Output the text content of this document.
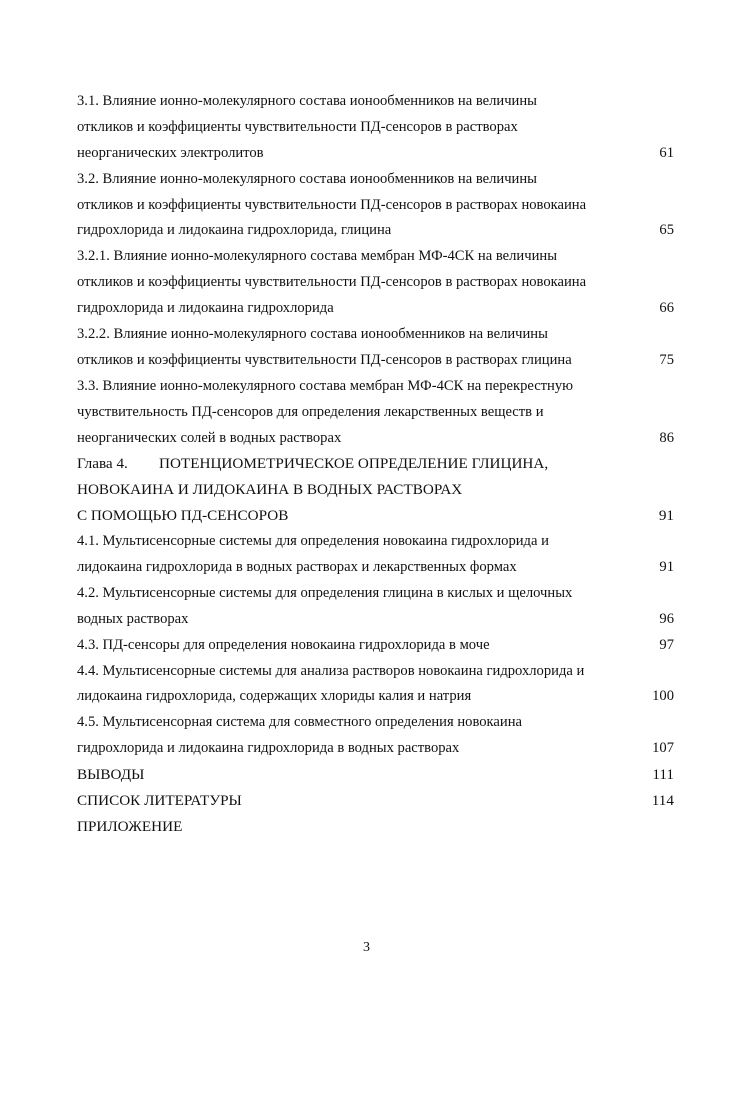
3.1. Влияние ионно-молекулярного состава ионообменников на величины
откликов и коэффициенты чувствительности ПД-сенсоров в растворах
неорганических электролитов	61
3.2. Влияние ионно-молекулярного состава ионообменников на величины
откликов и коэффициенты чувствительности ПД-сенсоров в растворах новокаина
гидрохлорида и лидокаина гидрохлорида, глицина	65
3.2.1. Влияние ионно-молекулярного состава мембран МФ-4СК на величины
откликов и коэффициенты чувствительности ПД-сенсоров в растворах новокаина
гидрохлорида и лидокаина гидрохлорида	66
3.2.2. Влияние ионно-молекулярного состава ионообменников на величины
откликов и коэффициенты чувствительности ПД-сенсоров в растворах глицина	75
3.3. Влияние ионно-молекулярного состава мембран МФ-4СК на перекрестную
чувствительность ПД-сенсоров для определения лекарственных веществ и
неорганических солей в водных растворах	86
Глава 4. ПОТЕНЦИОМЕТРИЧЕСКОЕ ОПРЕДЕЛЕНИЕ ГЛИЦИНА,
НОВОКАИНА И ЛИДОКАИНА В ВОДНЫХ РАСТВОРАХ
С ПОМОЩЬЮ ПД-СЕНСОРОВ	91
4.1. Мультисенсорные системы для определения новокаина гидрохлорида и
лидокаина гидрохлорида в водных растворах и лекарственных формах	91
4.2. Мультисенсорные системы для определения глицина в кислых и щелочных
водных растворах	96
4.3. ПД-сенсоры для определения новокаина гидрохлорида в моче	97
4.4. Мультисенсорные системы для анализа растворов новокаина гидрохлорида и
лидокаина гидрохлорида, содержащих хлориды калия и натрия	100
4.5. Мультисенсорная система для совместного определения новокаина
гидрохлорида и лидокаина гидрохлорида в водных растворах	107
ВЫВОДЫ	111
СПИСОК ЛИТЕРАТУРЫ	114
ПРИЛОЖЕНИЕ
3
